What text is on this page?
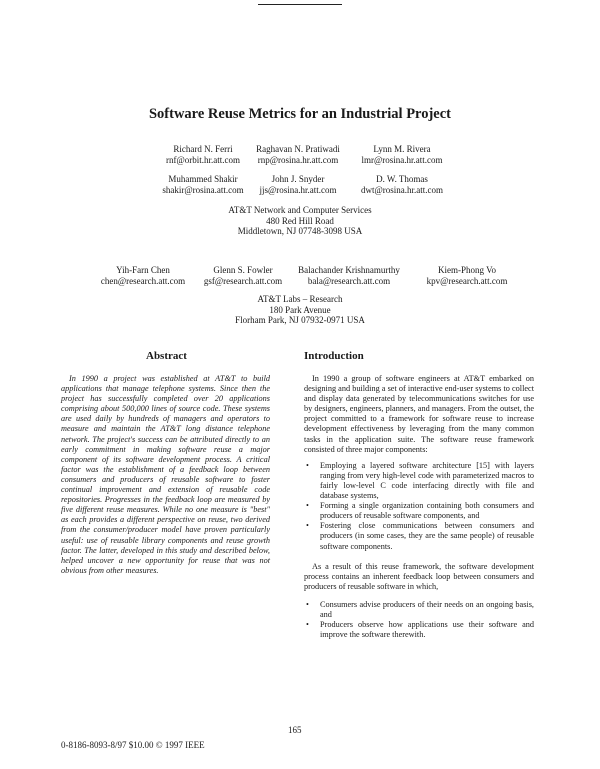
Software Reuse Metrics for an Industrial Project
Richard N. Ferri
rnf@orbit.hr.att.com
Raghavan N. Pratiwadi
rnp@rosina.hr.att.com
Lynn M. Rivera
lmr@rosina.hr.att.com
Muhammed Shakir
shakir@rosina.att.com
John J. Snyder
jjs@rosina.hr.att.com
D. W. Thomas
dwt@rosina.hr.att.com
AT&T Network and Computer Services
480 Red Hill Road
Middletown, NJ 07748-3098 USA
Yih-Farn Chen
chen@research.att.com
Glenn S. Fowler
gsf@research.att.com
Balachander Krishnamurthy
bala@research.att.com
Kiem-Phong Vo
kpv@research.att.com
AT&T Labs – Research
180 Park Avenue
Florham Park, NJ 07932-0971 USA
Abstract

In 1990 a project was established at AT&T to build applications that manage telephone systems. Since then the project has successfully completed over 20 applications comprising about 500,000 lines of source code. These systems are used daily by hundreds of managers and operators to measure and maintain the AT&T long distance telephone network. The project's success can be attributed directly to an early commitment in making software reuse a major component of its software development process. A critical factor was the establishment of a feedback loop between consumers and producers of reusable software to foster continual improvement and extension of reusable code repositories. Progresses in the feedback loop are measured by five different reuse measures. While no one measure is "best" as each provides a different perspective on reuse, two derived from the consumer/producer model have proven particularly useful: use of reusable library components and reuse growth factor. The latter, developed in this study and described below, helped uncover a new opportunity for reuse that was not obvious from other measures.

Introduction

In 1990 a group of software engineers at AT&T embarked on designing and building a set of interactive end-user systems to collect and display data generated by telecommunications switches for use by designers, engineers, planners, and managers. From the outset, the project committed to a framework for software reuse to increase development effectiveness by leveraging from the many common tasks in the application suite. The software reuse framework consisted of three major components:

• Employing a layered software architecture [15] with layers ranging from very high-level code with parameterized macros to fairly low-level C code interfacing directly with file and database systems,
• Forming a single organization containing both consumers and producers of reusable software components, and
• Fostering close communications between consumers and producers (in some cases, they are the same people) of reusable software components.

As a result of this reuse framework, the software development process contains an inherent feedback loop between consumers and producers of reusable software in which,

• Consumers advise producers of their needs on an ongoing basis, and
• Producers observe how applications use their software and improve the software therewith.
165
0-8186-8093-8/97 $10.00 © 1997 IEEE
